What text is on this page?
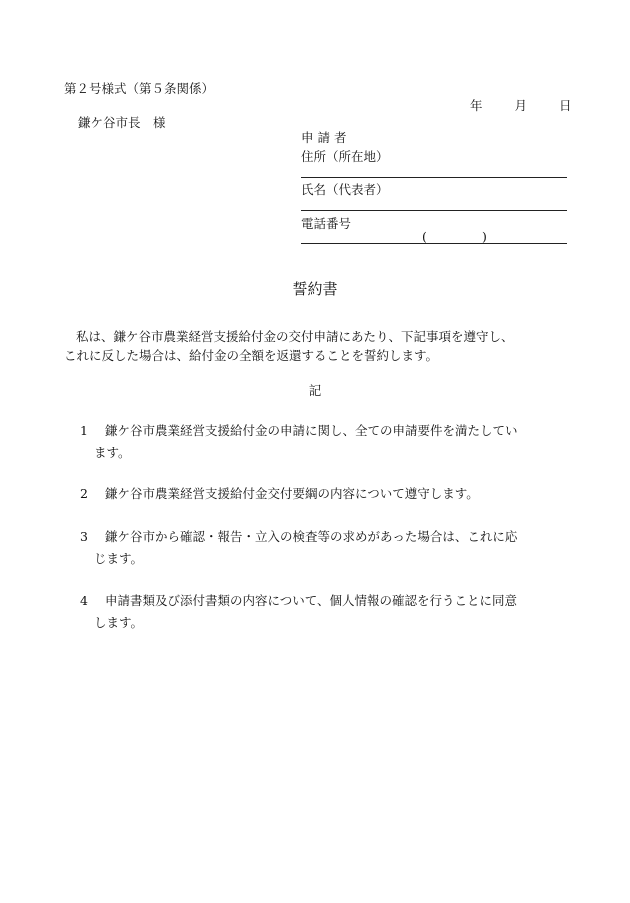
第２号様式（第５条関係）
年	月	日
鎌ケ谷市長　様
申 請 者
住所（所在地）
氏名（代表者）
電話番号
(	)
誓約書

私は、鎌ケ谷市農業経営支援給付金の交付申請にあたり、下記事項を遵守し、

これに反した場合は、給付金の全額を返還することを誓約します。

記
1 鎌ケ谷市農業経営支援給付金の申請に関し、全ての申請要件を満たしてい
ます。
2 鎌ケ谷市農業経営支援給付金交付要綱の内容について遵守します。
3 鎌ケ谷市から確認・報告・立入の検査等の求めがあった場合は、これに応
じます。
4 申請書類及び添付書類の内容について、個人情報の確認を行うことに同意
します。
